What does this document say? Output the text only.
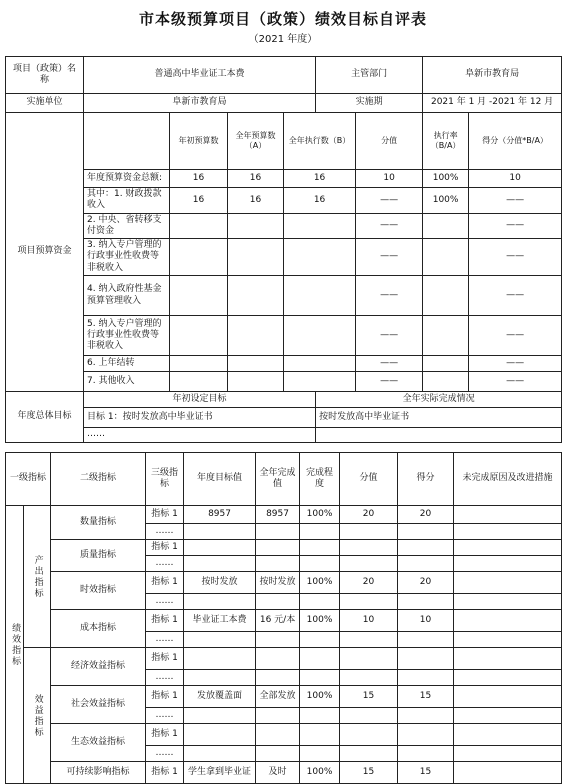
市本级预算项目（政策）绩效目标自评表
（2021 年度）
项目（政策）名称	普通高中毕业证工本费				主管部门		阜新市教育局	
实施单位	阜新市教育局				实施期		2021 年 1 月 -2021 年 12 月	
项目预算资金		年初预算数	全年预算数（A）	全年执行数（B）		分值	执行率（B/A）	得分（分值*B/A）
	年度预算资金总额:	16	16	16		10	100%	10
	其中：1. 财政拨款收入	16	16	16		——	100%	——
	2. 中央、省转移支付资金					——		——
	3. 纳入专户管理的行政事业性收费等非税收入					——		——
	4. 纳入政府性基金预算管理收入					——		——
	5. 纳入专户管理的行政事业性收费等非税收入					——		——
	6. 上年结转					——		——
	7. 其他收入					——		——
年度总体目标	年初设定目标				全年实际完成情况			
	目标 1：按时发放高中毕业证书				按时发放高中毕业证书			
	……							
一级指标		二级指标	三级指标	年度目标值	全年完成值	完成程度	分值	得分	未完成原因及改进措施
绩效指标	产出指标	数量指标	指标 1	8957	8957	100%	20	20	
			……						
		质量指标	指标 1						
			……						
		时效指标	指标 1	按时发放	按时发放	100%	20	20	
			……						
		成本指标	指标 1	毕业证工本费	16 元/本	100%	10	10	
			……						
	效益指标	经济效益指标	指标 1						
			……						
		社会效益指标	指标 1	发放覆盖面	全部发放	100%	15	15	
			……						
		生态效益指标	指标 1						
			……						
		可持续影响指标	指标 1	学生拿到毕业证	及时	100%	15	15	
